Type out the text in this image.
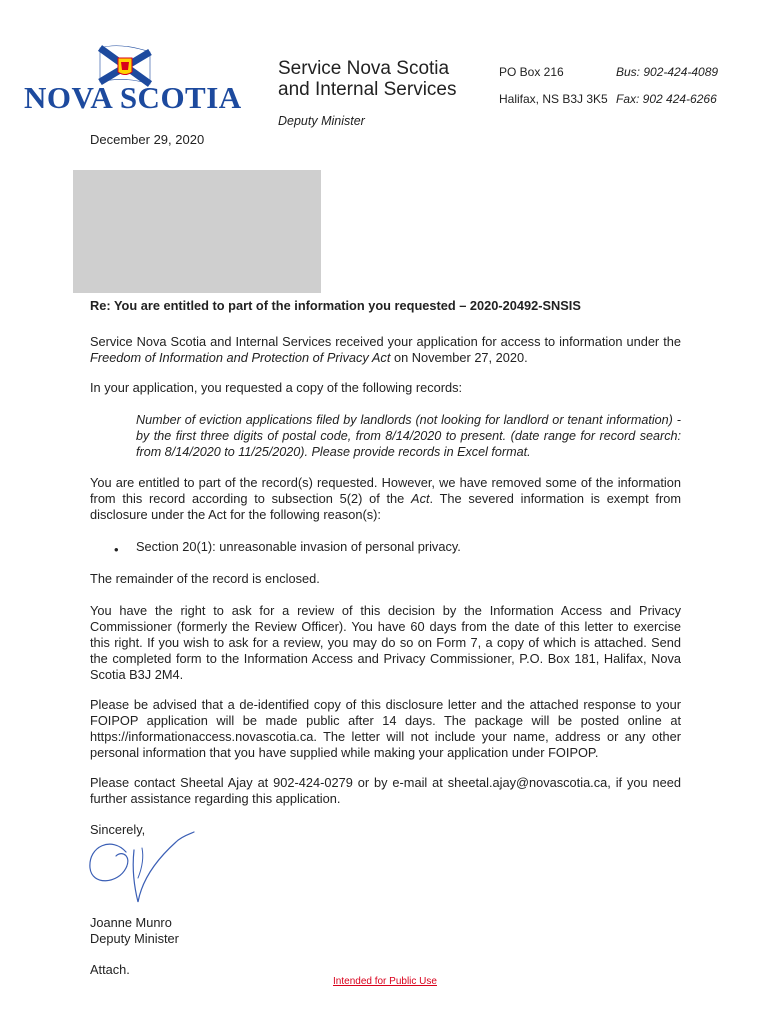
NOVA SCOTIA
Service Nova Scotia
and Internal Services
PO Box 216
Halifax, NS B3J 3K5
Bus: 902-424-4089
Fax: 902 424-6266
Deputy Minister
December 29, 2020
Re: You are entitled to part of the information you requested – 2020-20492-SNSIS
Service Nova Scotia and Internal Services received your application for access to information under the Freedom of Information and Protection of Privacy Act on November 27, 2020.
In your application, you requested a copy of the following records:
Number of eviction applications filed by landlords (not looking for landlord or tenant information) - by the first three digits of postal code, from 8/14/2020 to present. (date range for record search: from 8/14/2020 to 11/25/2020). Please provide records in Excel format.
You are entitled to part of the record(s) requested. However, we have removed some of the information from this record according to subsection 5(2) of the Act. The severed information is exempt from disclosure under the Act for the following reason(s):
• Section 20(1): unreasonable invasion of personal privacy.
The remainder of the record is enclosed.
You have the right to ask for a review of this decision by the Information Access and Privacy Commissioner (formerly the Review Officer). You have 60 days from the date of this letter to exercise this right. If you wish to ask for a review, you may do so on Form 7, a copy of which is attached. Send the completed form to the Information Access and Privacy Commissioner, P.O. Box 181, Halifax, Nova Scotia B3J 2M4.
Please be advised that a de-identified copy of this disclosure letter and the attached response to your FOIPOP application will be made public after 14 days. The package will be posted online at https://informationaccess.novascotia.ca. The letter will not include your name, address or any other personal information that you have supplied while making your application under FOIPOP.
Please contact Sheetal Ajay at 902-424-0279 or by e-mail at sheetal.ajay@novascotia.ca, if you need further assistance regarding this application.
Sincerely,
Joanne Munro
Deputy Minister
Attach.
Intended for Public Use
